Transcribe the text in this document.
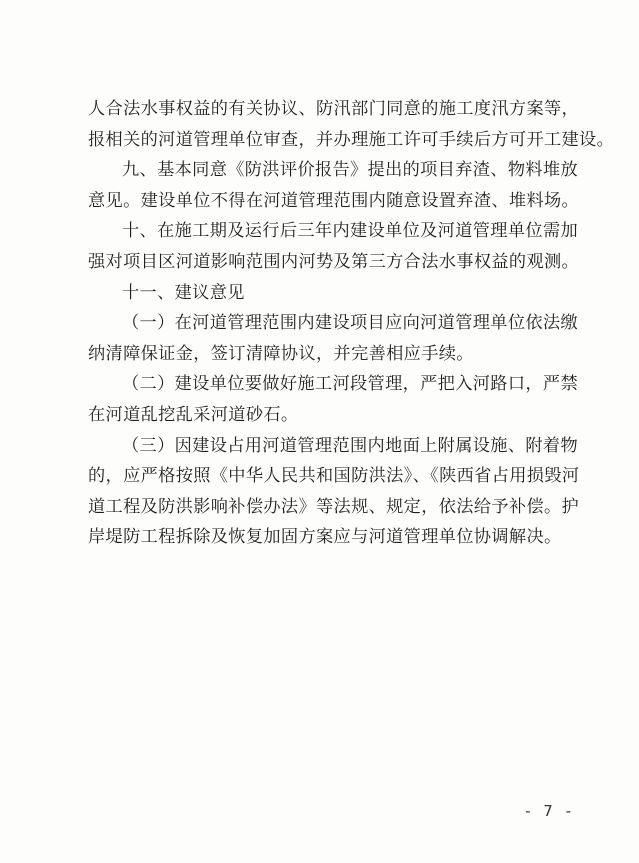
人合法水事权益的有关协议、防汛部门同意的施工度汛方案等，
报相关的河道管理单位审查，并办理施工许可手续后方可开工建设。
九、基本同意《防洪评价报告》提出的项目弃渣、物料堆放
意见。建设单位不得在河道管理范围内随意设置弃渣、堆料场。
十、在施工期及运行后三年内建设单位及河道管理单位需加
强对项目区河道影响范围内河势及第三方合法水事权益的观测。
十一、建议意见
（一）在河道管理范围内建设项目应向河道管理单位依法缴
纳清障保证金，签订清障协议，并完善相应手续。
（二）建设单位要做好施工河段管理，严把入河路口，严禁
在河道乱挖乱采河道砂石。
（三）因建设占用河道管理范围内地面上附属设施、附着物
的，应严格按照《中华人民共和国防洪法》、《陕西省占用损毁河
道工程及防洪影响补偿办法》等法规、规定，依法给予补偿。护
岸堤防工程拆除及恢复加固方案应与河道管理单位协调解决。
- 7 -
